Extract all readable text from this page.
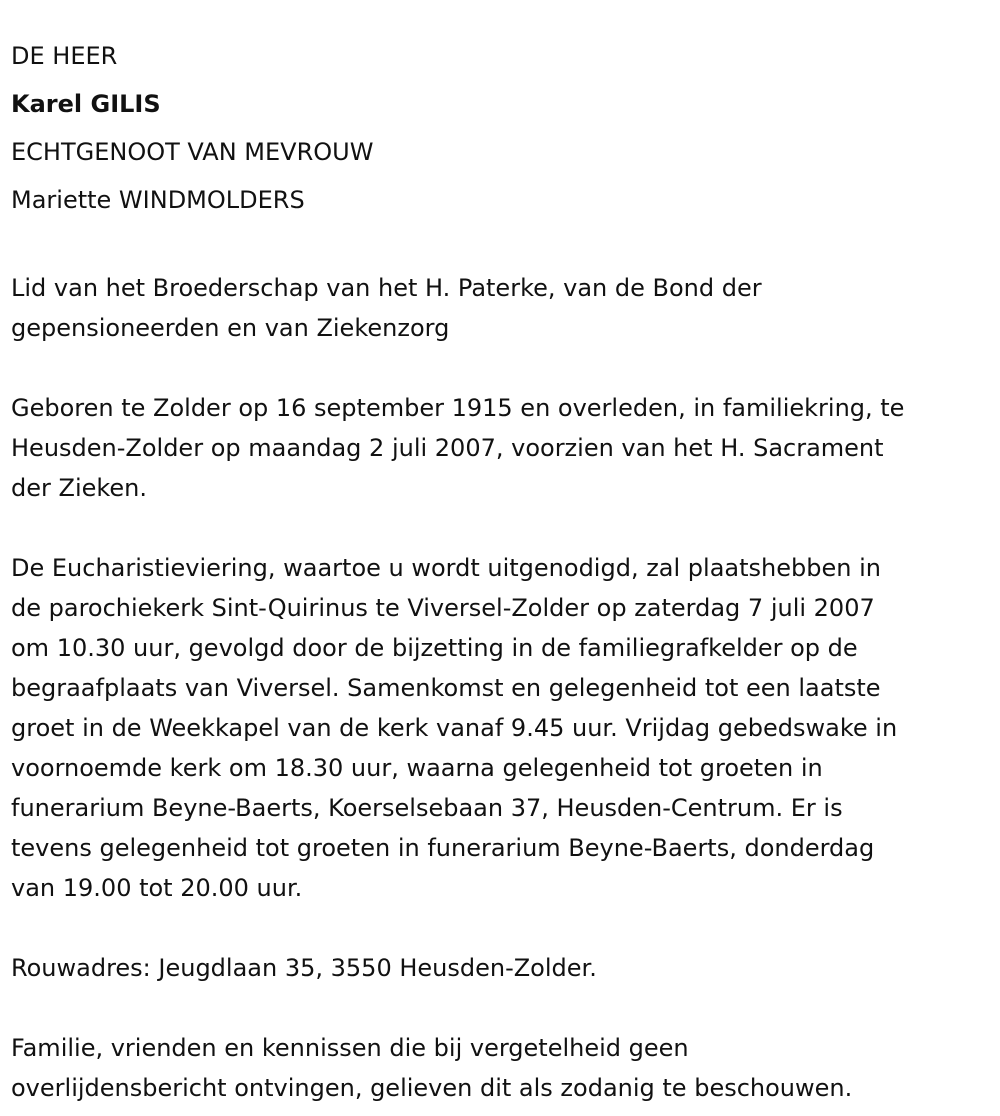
DE HEER

Karel GILIS

ECHTGENOOT VAN MEVROUW

Mariette WINDMOLDERS

Lid van het Broederschap van het H. Paterke, van de Bond der
gepensioneerden en van Ziekenzorg

Geboren te Zolder op 16 september 1915 en overleden, in familiekring, te
Heusden-Zolder op maandag 2 juli 2007, voorzien van het H. Sacrament
der Zieken.

De Eucharistieviering, waartoe u wordt uitgenodigd, zal plaatshebben in
de parochiekerk Sint-Quirinus te Viversel-Zolder op zaterdag 7 juli 2007
om 10.30 uur, gevolgd door de bijzetting in de familiegrafkelder op de
begraafplaats van Viversel. Samenkomst en gelegenheid tot een laatste
groet in de Weekkapel van de kerk vanaf 9.45 uur. Vrijdag gebedswake in
voornoemde kerk om 18.30 uur, waarna gelegenheid tot groeten in
funerarium Beyne-Baerts, Koerselsebaan 37, Heusden-Centrum. Er is
tevens gelegenheid tot groeten in funerarium Beyne-Baerts, donderdag
van 19.00 tot 20.00 uur.

Rouwadres: Jeugdlaan 35, 3550 Heusden-Zolder.

Familie, vrienden en kennissen die bij vergetelheid geen
overlijdensbericht ontvingen, gelieven dit als zodanig te beschouwen.
